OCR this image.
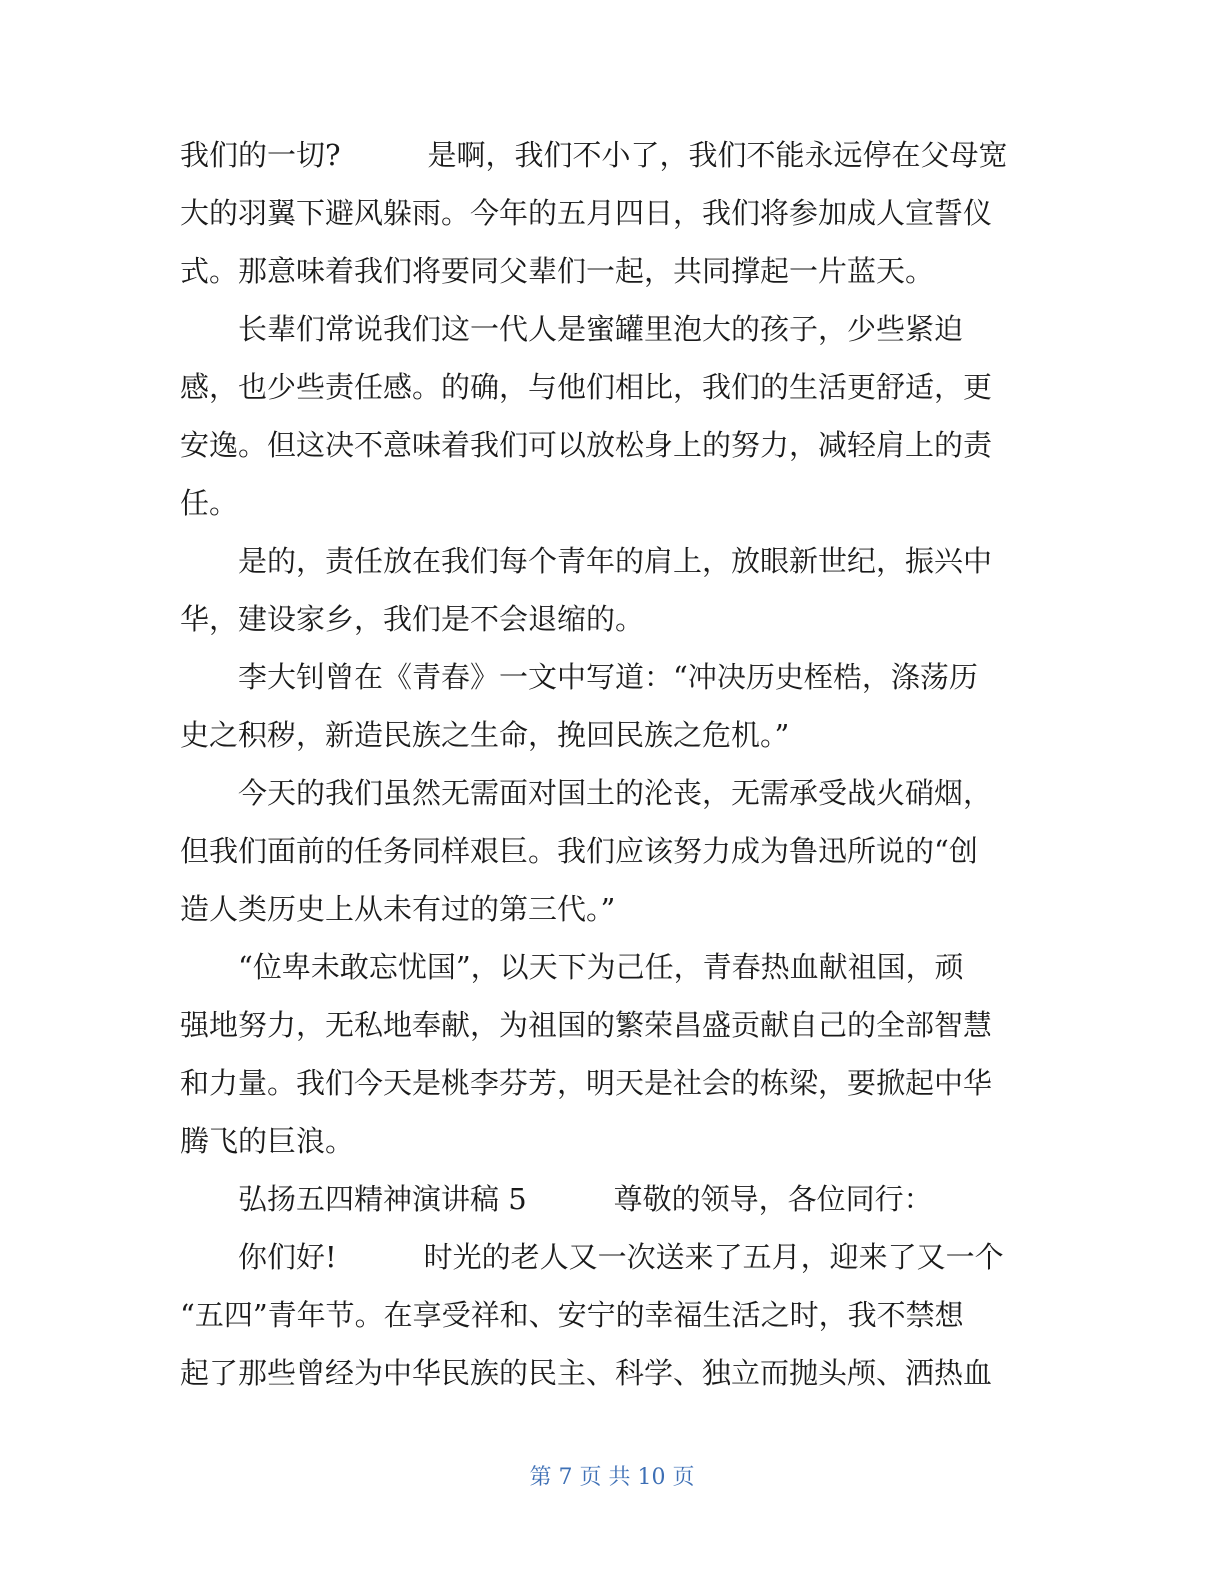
我们的一切?　　　是啊，我们不小了，我们不能永远停在父母宽
大的羽翼下避风躲雨。今年的五月四日，我们将参加成人宣誓仪
式。那意味着我们将要同父辈们一起，共同撑起一片蓝天。
　　长辈们常说我们这一代人是蜜罐里泡大的孩子，少些紧迫
感，也少些责任感。的确，与他们相比，我们的生活更舒适，更
安逸。但这决不意味着我们可以放松身上的努力，减轻肩上的责
任。
　　是的，责任放在我们每个青年的肩上，放眼新世纪，振兴中
华，建设家乡，我们是不会退缩的。
　　李大钊曾在《青春》一文中写道：“冲决历史桎梏，涤荡历
史之积秽，新造民族之生命，挽回民族之危机。”
　　今天的我们虽然无需面对国土的沦丧，无需承受战火硝烟，
但我们面前的任务同样艰巨。我们应该努力成为鲁迅所说的“创
造人类历史上从未有过的第三代。”
　　“位卑未敢忘忧国”，以天下为己任，青春热血献祖国，顽
强地努力，无私地奉献，为祖国的繁荣昌盛贡献自己的全部智慧
和力量。我们今天是桃李芬芳，明天是社会的栋梁，要掀起中华
腾飞的巨浪。
　　弘扬五四精神演讲稿 5　　　尊敬的领导，各位同行：
　　你们好!　　　时光的老人又一次送来了五月，迎来了又一个
“五四”青年节。在享受祥和、安宁的幸福生活之时，我不禁想
起了那些曾经为中华民族的民主、科学、独立而抛头颅、洒热血
第 7 页 共 10 页
